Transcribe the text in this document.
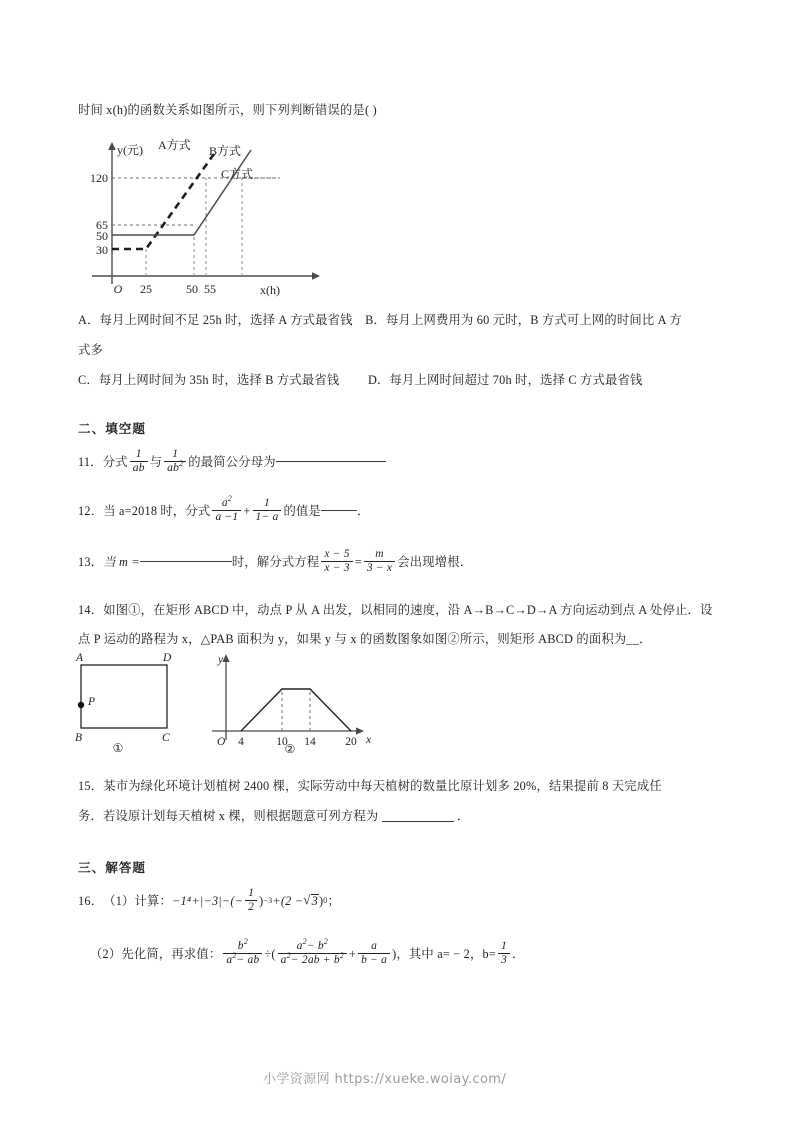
时间 x(h)的函数关系如图所示，则下列判断错误的是( )
120
65
50
30
25	50 55
O
y(元)
x(h)
A方式 B方式
C方式
A．每月上网时间不足 25h 时，选择 A 方式最省钱 B．每月上网费用为 60 元时，B 方式可上网的时间比 A 方
式多
C．每月上网时间为 35h 时，选择 B 方式最省钱 D．每月上网时间超过 70h 时，选择 C 方式最省钱
二、填空题
11． 分式 $\frac{1}{ab}$ 与 $\frac{1}{ab^2}$ 的最简公分母为
12． 当 a=2018 时，分式 $\frac{a^2}{a -1} + \frac{1}{1- a}$ 的值是	．
13． 当 m =	时，解分式方程 $\frac{x - 5}{x - 3} = \frac{m}{3 - x}$ 会出现增根．
14．如图①，在矩形 ABCD 中，动点 P 从 A 出发，以相同的速度，沿 A→B→C→D→A 方向运动到点 A 处停止．设
点 P 运动的路程为 x，△PAB 面积为 y，如果 y 与 x 的函数图象如图②所示，则矩形 ABCD 的面积为__．
A	D
B	C
P
①	O 4	10 14	20
y
x
②
15．某市为绿化环境计划植树 2400 棵，实际劳动中每天植树的数量比原计划多 20%，结果提前 8 天完成任
务．若设原计划每天植树 x 棵，则根据题意可列方程为	．
三、解答题
16． （1）计算： $-1^4+|-3|-(- \frac{1}{2}$ ) −3 +(2 − √ 3 ) 0 ；
（2）先化简，再求值： $\frac{b^2}{a^2- ab}$ ÷( $\frac{a^2- b^2}{a^2- 2ab + b^2} + \frac{a}{b - a}$ ) ，其中 a= − 2，$b= \frac{1}{3}$ ．
小学资源网 https://xueke.woiay.com/
